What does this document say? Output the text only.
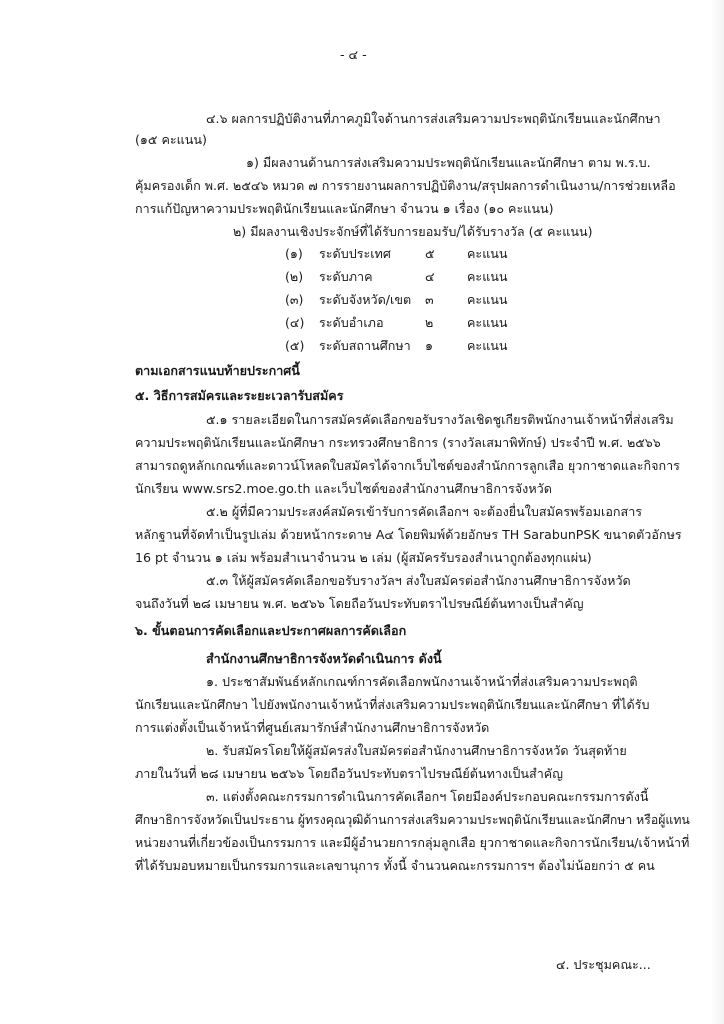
- ๔ -
๔.๖ ผลการปฏิบัติงานที่ภาคภูมิใจด้านการส่งเสริมความประพฤตินักเรียนและนักศึกษา
(๑๕ คะแนน)
๑) มีผลงานด้านการส่งเสริมความประพฤตินักเรียนและนักศึกษา ตาม พ.ร.บ.
คุ้มครองเด็ก พ.ศ. ๒๕๔๖ หมวด ๗ การรายงานผลการปฏิบัติงาน/สรุปผลการดำเนินงาน/การช่วยเหลือ
การแก้ปัญหาความประพฤตินักเรียนและนักศึกษา จำนวน ๑ เรื่อง (๑๐ คะแนน)
๒) มีผลงานเชิงประจักษ์ที่ได้รับการยอมรับ/ได้รับรางวัล (๕ คะแนน)
(๑) ระดับประเทศ	๕	คะแนน
(๒) ระดับภาค	๔	คะแนน
(๓) ระดับจังหวัด/เขต ๓	คะแนน
(๔) ระดับอำเภอ	๒	คะแนน
(๕) ระดับสถานศึกษา ๑	คะแนน
ตามเอกสารแนบท้ายประกาศนี้
๕. วิธีการสมัครและระยะเวลารับสมัคร
๕.๑ รายละเอียดในการสมัครคัดเลือกขอรับรางวัลเชิดชูเกียรติพนักงานเจ้าหน้าที่ส่งเสริม
ความประพฤตินักเรียนและนักศึกษา กระทรวงศึกษาธิการ (รางวัลเสมาพิทักษ์) ประจำปี พ.ศ. ๒๕๖๖
สามารถดูหลักเกณฑ์และดาวน์โหลดใบสมัครได้จากเว็บไซต์ของสำนักการลูกเสือ ยุวกาชาดและกิจการ
นักเรียน www.srs2.moe.go.th และเว็บไซต์ของสำนักงานศึกษาธิการจังหวัด
๕.๒ ผู้ที่มีความประสงค์สมัครเข้ารับการคัดเลือกฯ จะต้องยื่นใบสมัครพร้อมเอกสาร
หลักฐานที่จัดทำเป็นรูปเล่ม ด้วยหน้ากระดาษ A๔ โดยพิมพ์ด้วยอักษร TH SarabunPSK ขนาดตัวอักษร
16 pt จำนวน ๑ เล่ม พร้อมสำเนาจำนวน ๒ เล่ม (ผู้สมัครรับรองสำเนาถูกต้องทุกแผ่น)
๕.๓ ให้ผู้สมัครคัดเลือกขอรับรางวัลฯ ส่งใบสมัครต่อสำนักงานศึกษาธิการจังหวัด
จนถึงวันที่ ๒๘ เมษายน พ.ศ. ๒๕๖๖ โดยถือวันประทับตราไปรษณีย์ต้นทางเป็นสำคัญ
๖. ขั้นตอนการคัดเลือกและประกาศผลการคัดเลือก
สำนักงานศึกษาธิการจังหวัดดำเนินการ ดังนี้
๑. ประชาสัมพันธ์หลักเกณฑ์การคัดเลือกพนักงานเจ้าหน้าที่ส่งเสริมความประพฤติ
นักเรียนและนักศึกษา ไปยังพนักงานเจ้าหน้าที่ส่งเสริมความประพฤตินักเรียนและนักศึกษา ที่ได้รับ
การแต่งตั้งเป็นเจ้าหน้าที่ศูนย์เสมารักษ์สำนักงานศึกษาธิการจังหวัด
๒. รับสมัครโดยให้ผู้สมัครส่งใบสมัครต่อสำนักงานศึกษาธิการจังหวัด วันสุดท้าย
ภายในวันที่ ๒๘ เมษายน ๒๕๖๖ โดยถือวันประทับตราไปรษณีย์ต้นทางเป็นสำคัญ
๓. แต่งตั้งคณะกรรมการดำเนินการคัดเลือกฯ โดยมีองค์ประกอบคณะกรรมการดังนี้
ศึกษาธิการจังหวัดเป็นประธาน ผู้ทรงคุณวุฒิด้านการส่งเสริมความประพฤตินักเรียนและนักศึกษา หรือผู้แทน
หน่วยงานที่เกี่ยวข้องเป็นกรรมการ และมีผู้อำนวยการกลุ่มลูกเสือ ยุวกาชาดและกิจการนักเรียน/เจ้าหน้าที่
ที่ได้รับมอบหมายเป็นกรรมการและเลขานุการ ทั้งนี้ จำนวนคณะกรรมการฯ ต้องไม่น้อยกว่า ๕ คน
๔. ประชุมคณะ...
